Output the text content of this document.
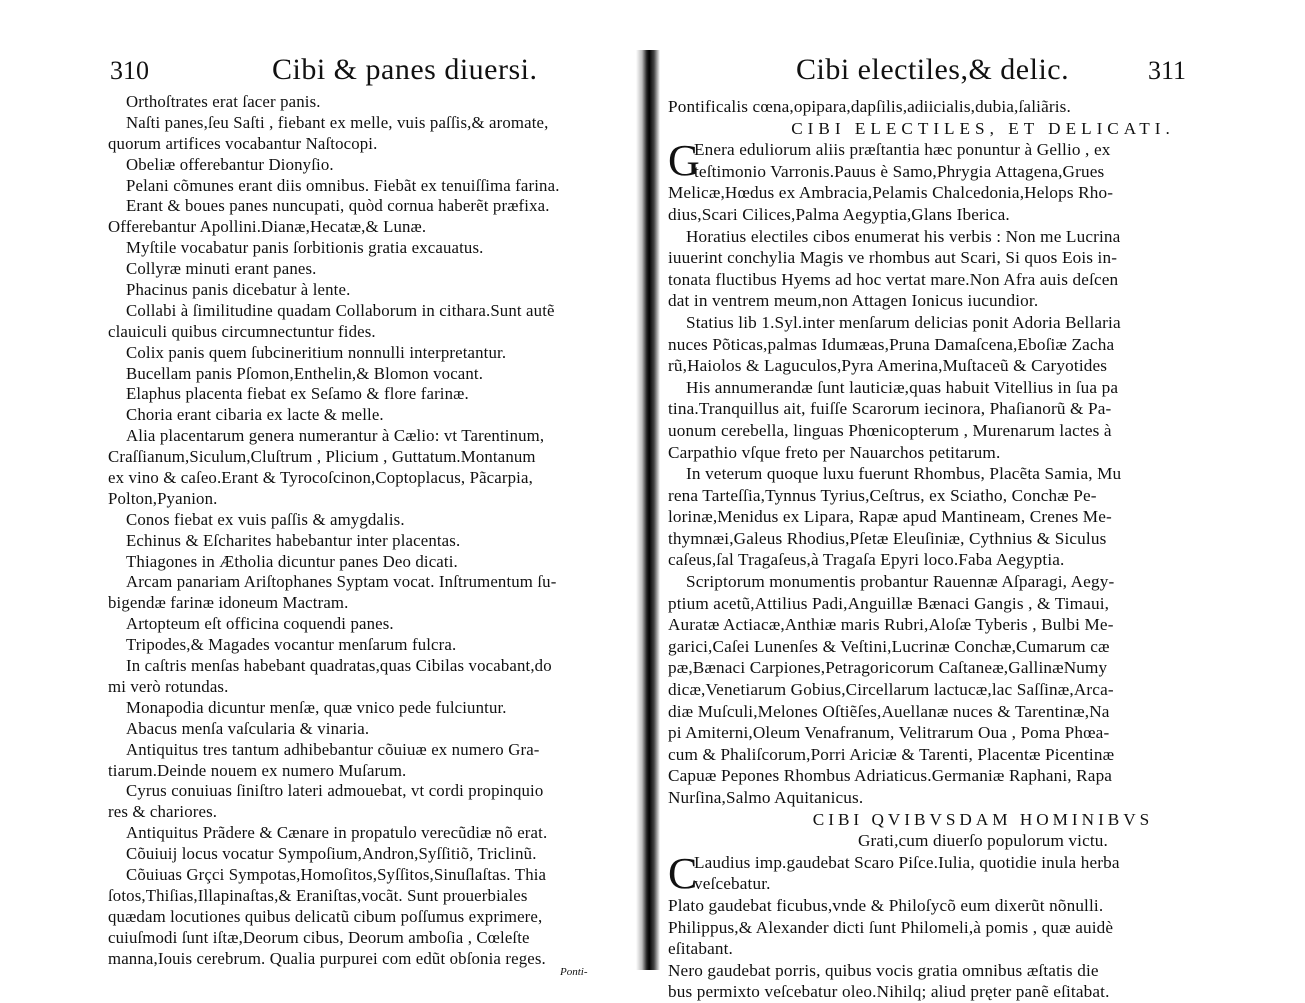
310	Cibi & panes diuersi.
Orthoſtrates erat ſacer panis.
Naſti panes,ſeu Saſti , fiebant ex melle, vuis paſſis,& aromate,
quorum artifices vocabantur Naſtocopi.
Obeliæ offerebantur Dionyſio.
Pelani cõmunes erant diis omnibus. Fiebãt ex tenuiſſima farina.
Erant & boues panes nuncupati, quòd cornua haberẽt præfixa.
Offerebantur Apollini.Dianæ,Hecatæ,& Lunæ.
Myſtile vocabatur panis ſorbitionis gratia excauatus.
Collyræ minuti erant panes.
Phacinus panis dicebatur à lente.
Collabi à ſimilitudine quadam Collaborum in cithara.Sunt autẽ
clauiculi quibus circumnectuntur fides.
Colix panis quem ſubcineritium nonnulli interpretantur.
Bucellam panis Pſomon,Enthelin,& Blomon vocant.
Elaphus placenta fiebat ex Seſamo & flore farinæ.
Choria erant cibaria ex lacte & melle.
Alia placentarum genera numerantur à Cælio: vt Tarentinum,
Craſſianum,Siculum,Cluſtrum , Plicium , Guttatum.Montanum
ex vino & caſeo.Erant & Tyrocoſcinon,Coptoplacus, Pãcarpia,
Polton,Pyanion.
Conos fiebat ex vuis paſſis & amygdalis.
Echinus & Eſcharites habebantur inter placentas.
Thiagones in Ætholia dicuntur panes Deo dicati.
Arcam panariam Ariſtophanes Syptam vocat. Inſtrumentum ſu-
bigendæ farinæ idoneum Mactram.
Artopteum eſt officina coquendi panes.
Tripodes,& Magades vocantur menſarum fulcra.
In caſtris menſas habebant quadratas,quas Cibilas vocabant,do
mi verò rotundas.
Monapodia dicuntur menſæ, quæ vnico pede fulciuntur.
Abacus menſa vaſcularia & vinaria.
Antiquitus tres tantum adhibebantur cõuiuæ ex numero Gra-
tiarum.Deinde nouem ex numero Muſarum.
Cyrus conuiuas ſiniſtro lateri admouebat, vt cordi propinquio
res & chariores.
Antiquitus Prãdere & Cænare in propatulo verecũdiæ nõ erat.
Cõuiuij locus vocatur Sympoſium,Andron,Syſſitiõ, Triclinũ.
Cõuiuas Grçci Sympotas,Homoſitos,Syſſitos,Sinuſlaſtas. Thia
ſotos,Thiſias,Illapinaſtas,& Eraniſtas,vocãt. Sunt prouerbiales
quædam locutiones quibus delicatũ cibum poſſumus exprimere,
cuiuſmodi ſunt iſtæ,Deorum cibus, Deorum amboſia , Cœleſte
manna,Iouis cerebrum. Qualia purpurei com edũt obſonia reges.
Ponti-
Cibi electiles,& delic.	311
Pontificalis cœna,opipara,dapſilis,adiicialis,dubia,ſaliãris.
CIBI ELECTILES, ET DELICATI.
G
Enera eduliorum aliis præſtantia hæc ponuntur à Gellio , ex
teſtimonio Varronis.Pauus è Samo,Phrygia Attagena,Grues
Melicæ,Hœdus ex Ambracia,Pelamis Chalcedonia,Helops Rho-
dius,Scari Cilices,Palma Aegyptia,Glans Iberica.
Horatius electiles cibos enumerat his verbis : Non me Lucrina
iuuerint conchylia Magis ve rhombus aut Scari, Si quos Eois in-
tonata fluctibus Hyems ad hoc vertat mare.Non Afra auis deſcen
dat in ventrem meum,non Attagen Ionicus iucundior.
Statius lib 1.Syl.inter menſarum delicias ponit Adoria Bellaria
nuces Põticas,palmas Idumæas,Pruna Damaſcena,Eboſiæ Zacha
rũ,Haiolos & Laguculos,Pyra Amerina,Muſtaceũ & Caryotides
His annumerandæ ſunt lauticiæ,quas habuit Vitellius in ſua pa
tina.Tranquillus ait, fuiſſe Scarorum iecinora, Phaſianorũ & Pa-
uonum cerebella, linguas Phœnicopterum , Murenarum lactes à
Carpathio vſque freto per Nauarchos petitarum.
In veterum quoque luxu fuerunt Rhombus, Placẽta Samia, Mu
rena Tarteſſia,Tynnus Tyrius,Ceſtrus, ex Sciatho, Conchæ Pe-
lorinæ,Menidus ex Lipara, Rapæ apud Mantineam, Crenes Me-
thymnæi,Galeus Rhodius,Pſetæ Eleuſiniæ, Cythnius & Siculus
caſeus,ſal Tragaſeus,à Tragaſa Epyri loco.Faba Aegyptia.
Scriptorum monumentis probantur Rauennæ Aſparagi, Aegy-
ptium acetũ,Attilius Padi,Anguillæ Bænaci Gangis , & Timaui,
Auratæ Actiacæ,Anthiæ maris Rubri,Aloſæ Tyberis , Bulbi Me-
garici,Caſei Lunenſes & Veſtini,Lucrinæ Conchæ,Cumarum cæ
pæ,Bænaci Carpiones,Petragoricorum Caſtaneæ,GallinæNumy
dicæ,Venetiarum Gobius,Circellarum lactucæ,lac Saſſinæ,Arca-
diæ Muſculi,Melones Oſtiẽſes,Auellanæ nuces & Tarentinæ,Na
pi Amiterni,Oleum Venafranum, Velitrarum Oua , Poma Phœa-
cum & Phaliſcorum,Porri Ariciæ & Tarenti, Placentæ Picentinæ
Capuæ Pepones Rhombus Adriaticus.Germaniæ Raphani, Rapa
Nurſina,Salmo Aquitanicus.
CIBI QVIBVSDAM HOMINIBVS
Grati,cum diuerſo populorum victu.
C
Laudius imp.gaudebat Scaro Piſce.Iulia, quotidie inula herba
veſcebatur.
Plato gaudebat ficubus,vnde & Philoſycõ eum dixerũt nõnulli.
Philippus,& Alexander dicti ſunt Philomeli,à pomis , quæ auidè
eſitabant.
Nero gaudebat porris, quibus vocis gratia omnibus æſtatis die
bus permixto veſcebatur oleo.Nihilq; aliud pręter panẽ eſitabat.
